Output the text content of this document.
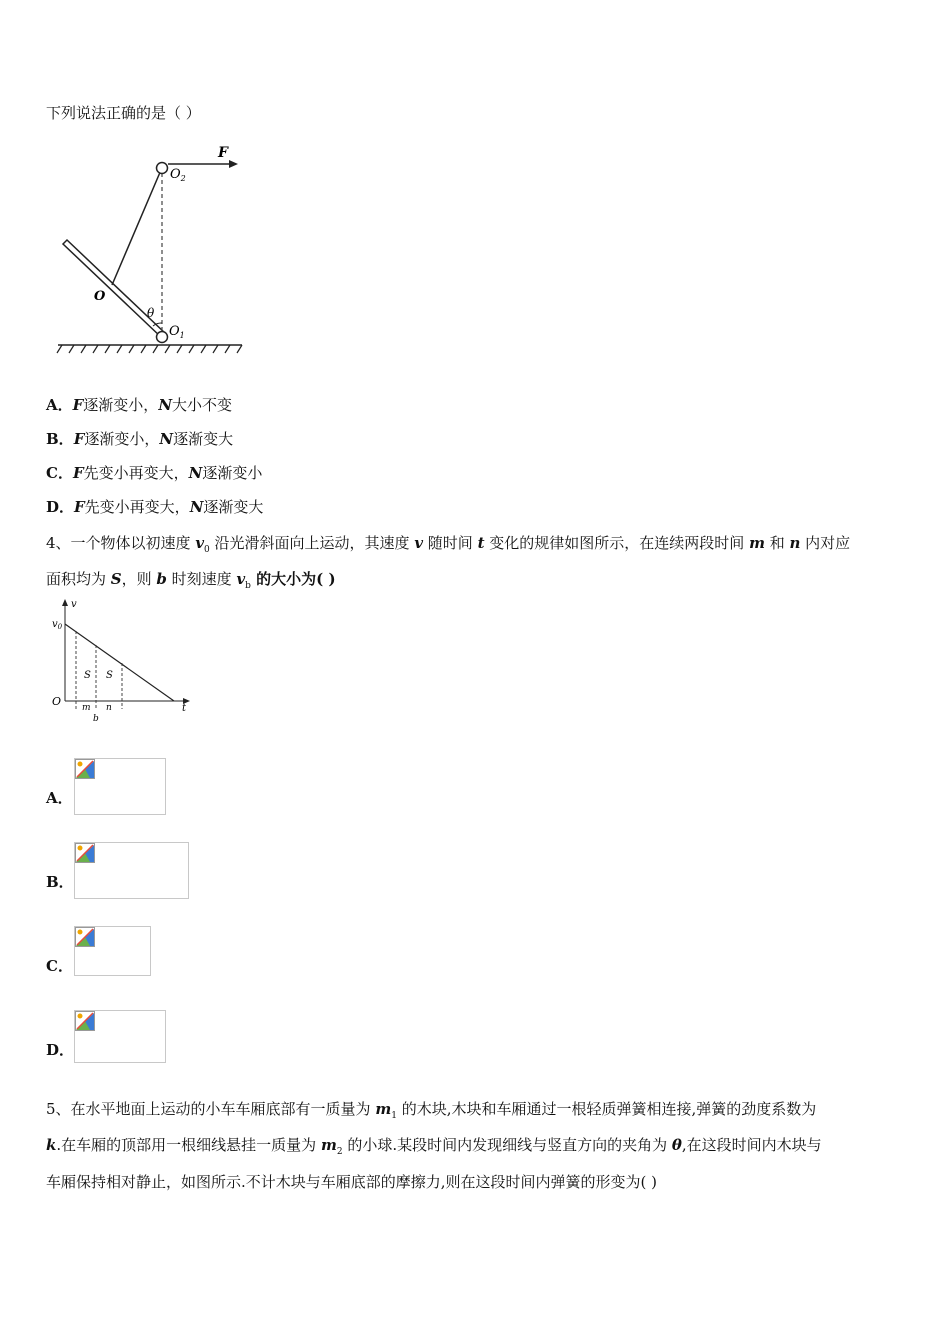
下列说法正确的是（ ）
F
$O_2$
O
θ
$O_1$
A．F逐渐变小，N大小不变
B．F逐渐变小，N逐渐变大
C．F先变小再变大，N逐渐变小
D．F先变小再变大，N逐渐变大
4、一个物体以初速度 $v_0$ 沿光滑斜面向上运动，其速度 v 随时间 t 变化的规律如图所示，在连续两段时间 m 和 n 内对应
面积均为 S，则 b 时刻速度 $v_b$ 的大小为( )
v
$v_0$
O
t
S S
m n
b
A．
B．
C．
D．
5、在水平地面上运动的小车车厢底部有一质量为 $m_1$ 的木块,木块和车厢通过一根轻质弹簧相连接,弹簧的劲度系数为
k.在车厢的顶部用一根细线悬挂一质量为 $m_2$ 的小球.某段时间内发现细线与竖直方向的夹角为 θ,在这段时间内木块与
车厢保持相对静止，如图所示.不计木块与车厢底部的摩擦力,则在这段时间内弹簧的形变为( )
